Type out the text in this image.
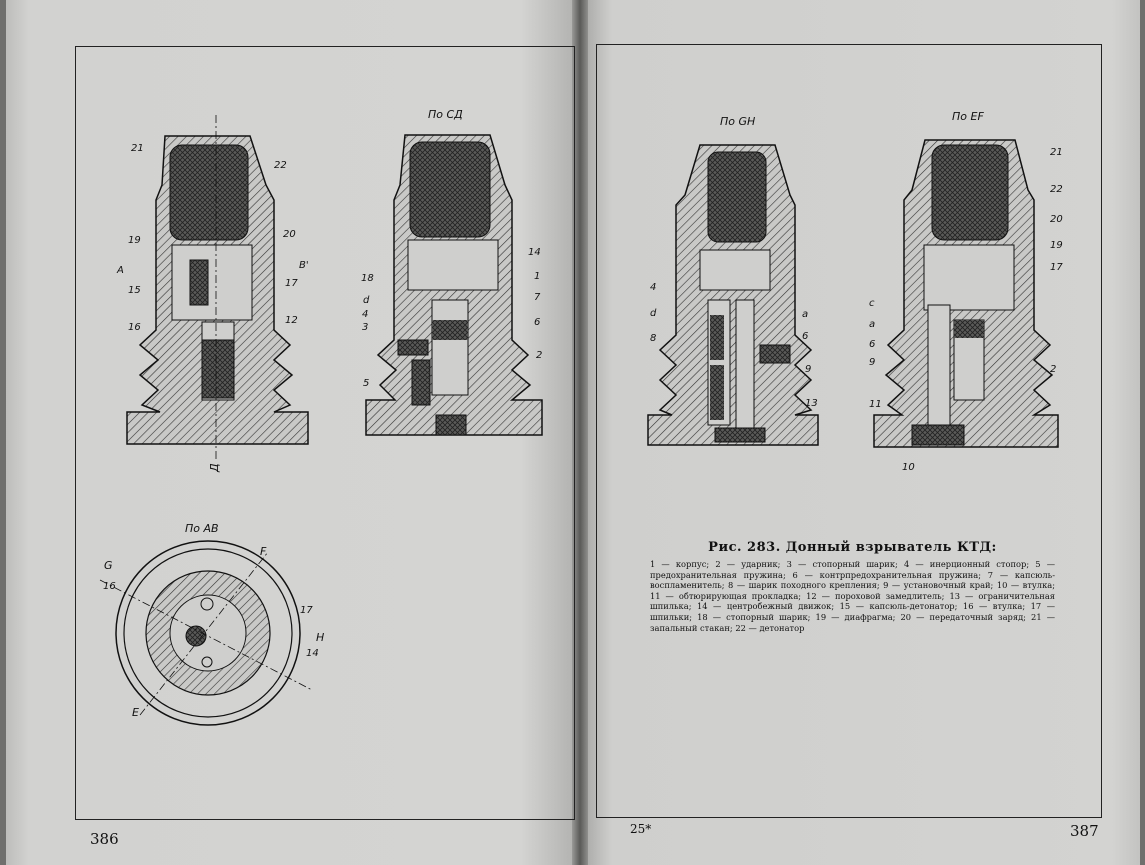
21
22
19
20
A	B'
15
17
16
12
Д
По СД
14
1
18
7
d
4
6
3
2
5
По АВ
G
F
E
H
16
17
14
По GН
4
d	a
8	6
9
13
По EF
21
22
20
19
17
c
a
6
9
2
11
10
Рис. 283. Донный взрыватель КТД:
1 — корпус; 2 — ударник; 3 — стопорный шарик; 4 — инерционный стопор; 5 — предохранительная пружина; 6 — контрпредохранительная пружина; 7 — капсюль-воспламенитель; 8 — шарик походного крепления; 9 — установочный край; 10 — втулка; 11 — обтюрирующая прокладка; 12 — пороховой замедлитель; 13 — ограничительная шпилька; 14 — центробежный движок; 15 — капсюль-детонатор; 16 — втулка; 17 — шпильки; 18 — стопорный шарик; 19 — диафрагма; 20 — передаточный заряд; 21 — запальный стакан; 22 — детонатор
386
25*	387
